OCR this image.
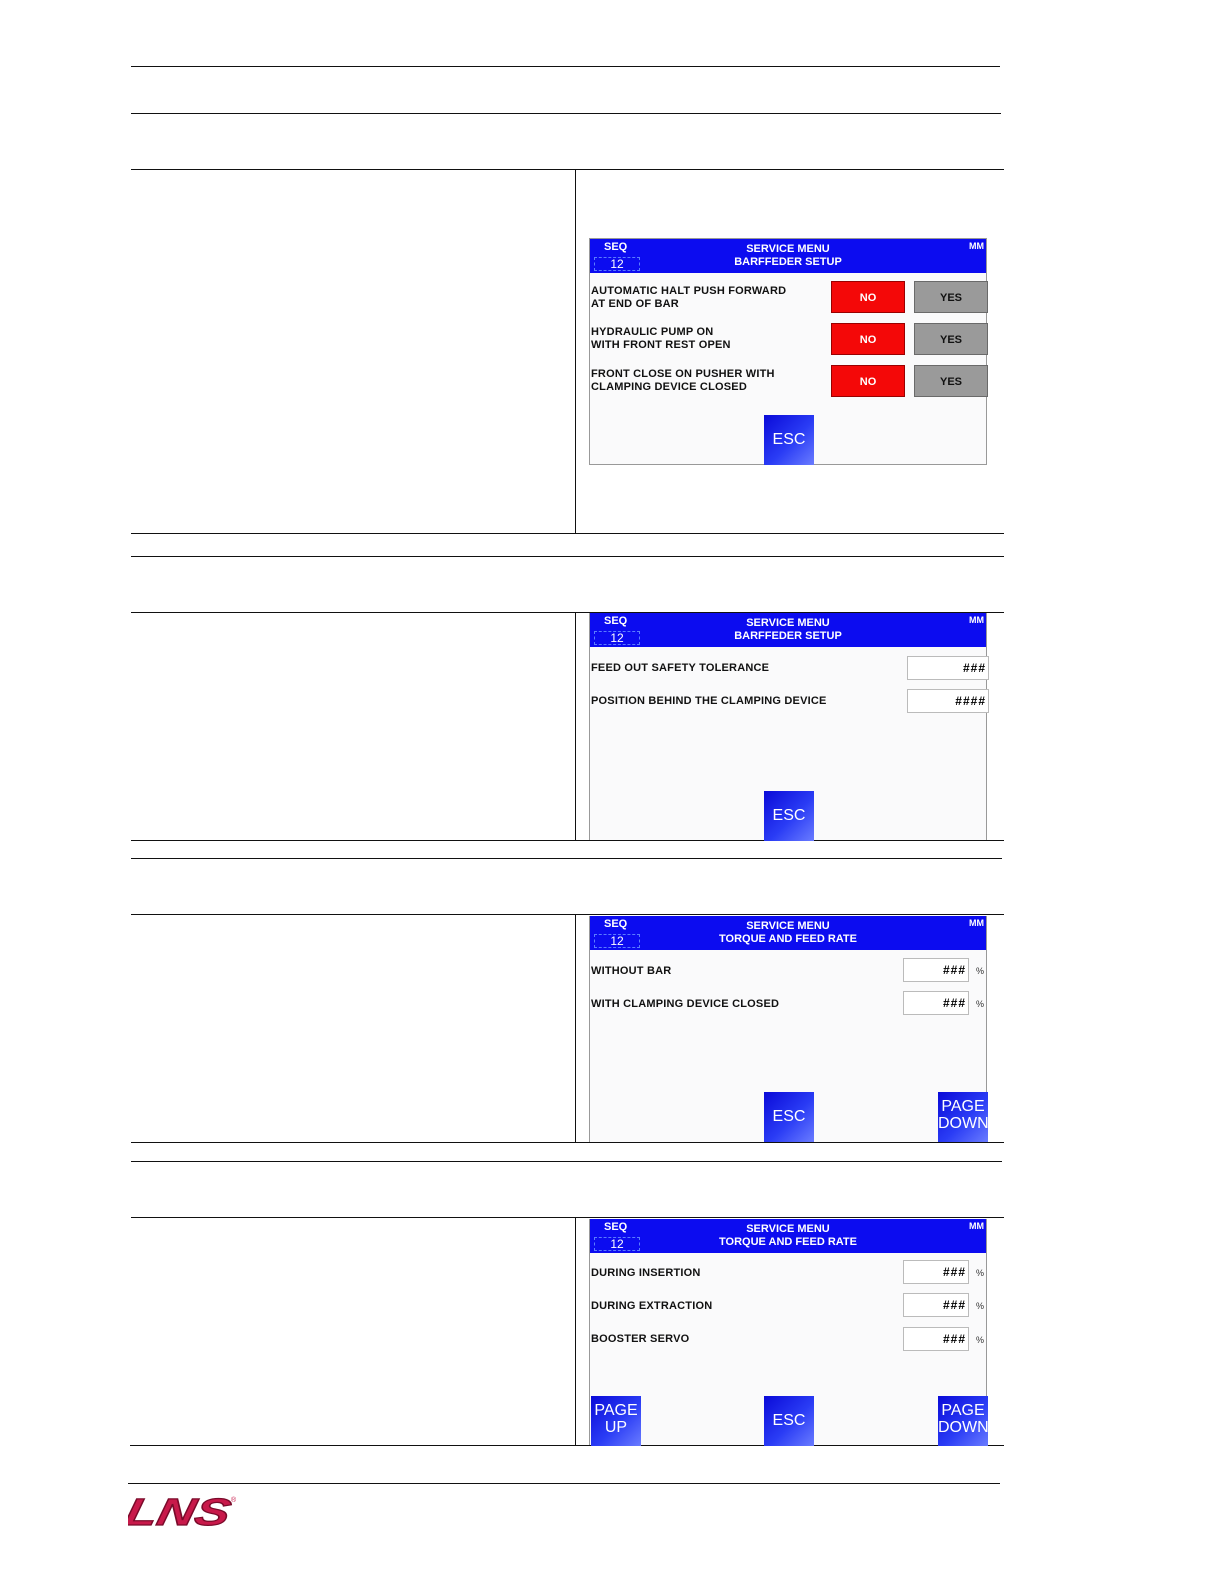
SEQ
12
SERVICE MENU
BARFFEDER SETUP
MM
AUTOMATIC HALT PUSH FORWARD
AT END OF BAR	NO	YES
HYDRAULIC PUMP ON
WITH FRONT REST OPEN	NO	YES
FRONT CLOSE ON PUSHER WITH
CLAMPING DEVICE CLOSED	NO	YES
ESC
SEQ
12
SERVICE MENU
BARFFEDER SETUP
MM
FEED OUT SAFETY TOLERANCE	###
POSITION BEHIND THE CLAMPING DEVICE	####
ESC
SEQ
12
SERVICE MENU
TORQUE AND FEED RATE
MM
WITHOUT BAR	###	%
WITH CLAMPING DEVICE CLOSED	###	%
ESC
PAGE
DOWN
SEQ
12
SERVICE MENU
TORQUE AND FEED RATE
MM
DURING INSERTION	###	%
DURING EXTRACTION	###	%
BOOSTER SERVO	###	%
PAGE
UP	ESC
PAGE
DOWN
LNS	®
